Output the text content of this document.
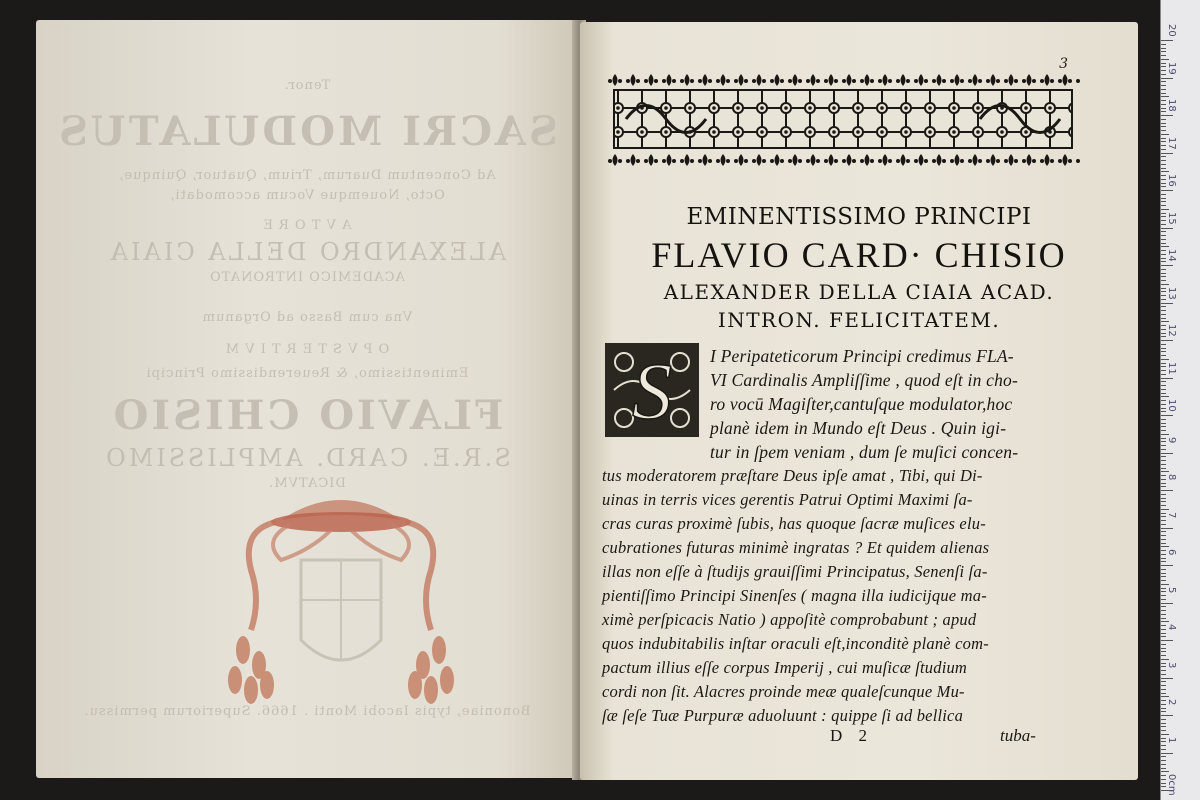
Tenor.
SACRI MODULATUS
Ad Concentum Duarum, Trium, Quatuor, Quinque,
Octo, Nouemque Vocum accomodati,
A V T O R E
ALEXANDRO DELLA CIAIA
ACADEMICO INTRONATO
Vna cum Basso ad Organum
O P V S T E R T I V M
Eminentissimo, & Reuerendissimo Principi
FLAVIO CHISIO
S.R.E. CARD. AMPLISSIMO
DICATVM.
Bononiae, typis Iacobi Monti . 1666. Superiorum permissu.
3
EMINENTISSIMO PRINCIPI
FLAVIO CARD· CHISIO
ALEXANDER DELLA CIAIA ACAD.
INTRON. FELICITATEM.
S I Peripateticorum Principi credimus FLA-
VI Cardinalis Ampliſſime , quod eſt in cho-
ro vocū Magiſter,cantuſque modulator,hoc
planè idem in Mundo eſt Deus . Quin igi-
tur in ſpem veniam , dum ſe muſici concen-
tus moderatorem præſtare Deus ipſe amat , Tibi, qui Di-
uinas in terris vices gerentis Patrui Optimi Maximi ſa-
cras curas proximè ſubis, has quoque ſacræ muſices elu-
cubrationes futuras minimè ingratas ? Et quidem alienas
illas non eſſe à ſtudijs grauiſſimi Principatus, Senenſi ſa-
pientiſſimo Principi Sinenſes ( magna illa iudicijque ma-
ximè perſpicacis Natio ) appoſitè comprobabunt ; apud
quos indubitabilis inſtar oraculi eſt,inconditè planè com-
pactum illius eſſe corpus Imperij , cui muſicæ ſtudium
cordi non ſit. Alacres proinde meæ qualeſcunque Mu-
ſæ ſeſe Tuæ Purpuræ aduoluunt : quippe ſi ad bellica
D 2	tuba-
0cm
1
2
3
4
5
6
7
8
9
10
11
12
13
14
15
16
17
18
19
20
